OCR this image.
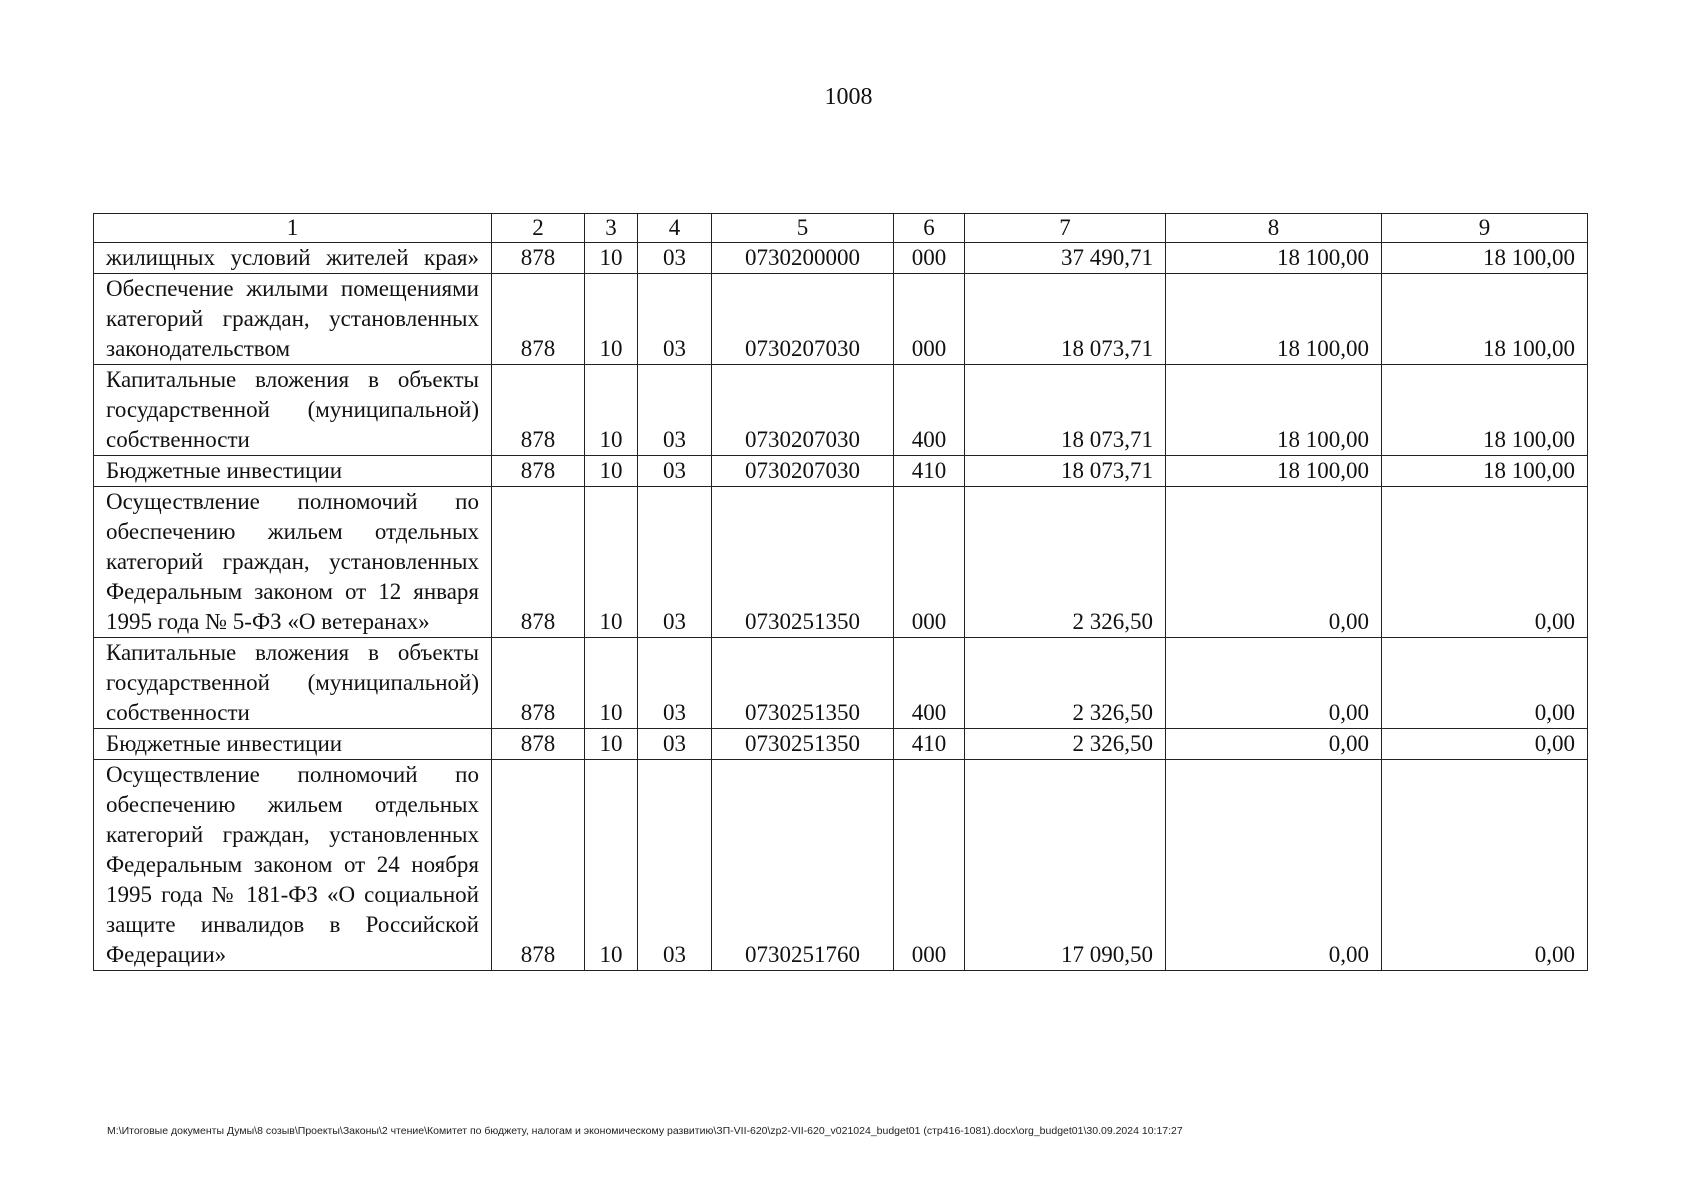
1008
1	2	3	4	5	6	7	8	9
жилищных условий жителей края»	878	10	03	0730200000	000	37 490,71	18 100,00	18 100,00
Обеспечение жилыми помещениями категорий граждан, установленных законодательством	878	10	03	0730207030	000	18 073,71	18 100,00	18 100,00
Капитальные вложения в объекты государственной (муниципальной) собственности	878	10	03	0730207030	400	18 073,71	18 100,00	18 100,00
Бюджетные инвестиции	878	10	03	0730207030	410	18 073,71	18 100,00	18 100,00
Осуществление полномочий по обеспечению жильем отдельных категорий граждан, установленных Федеральным законом от 12 января 1995 года № 5-ФЗ «О ветеранах»	878	10	03	0730251350	000	2 326,50	0,00	0,00
Капитальные вложения в объекты государственной (муниципальной) собственности	878	10	03	0730251350	400	2 326,50	0,00	0,00
Бюджетные инвестиции	878	10	03	0730251350	410	2 326,50	0,00	0,00
Осуществление полномочий по обеспечению жильем отдельных категорий граждан, установленных Федеральным законом от 24 ноября 1995 года № 181-ФЗ «О социальной защите инвалидов в Российской Федерации»	878	10	03	0730251760	000	17 090,50	0,00	0,00
M:\Итоговые документы Думы\8 созыв\Проекты\Законы\2 чтение\Комитет по бюджету, налогам и экономическому развитию\ЗП-VII-620\zp2-VII-620_v021024_budget01 (стр416-1081).docx\org_budget01\30.09.2024 10:17:27
